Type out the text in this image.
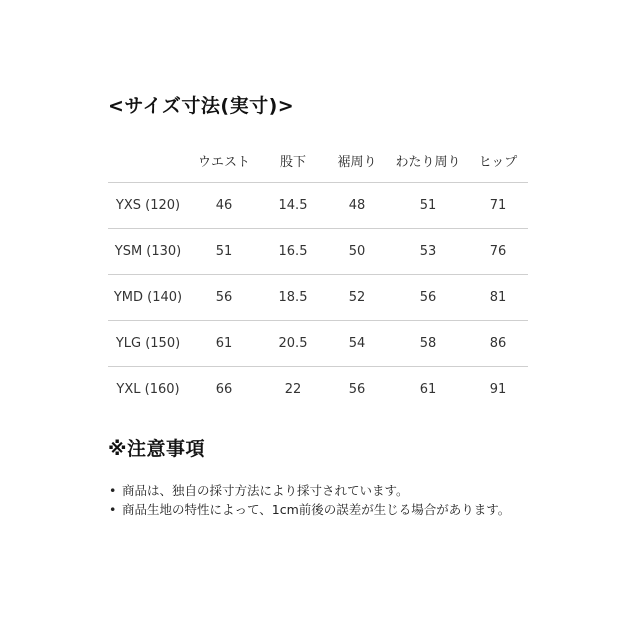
<サイズ寸法(実寸)>
	ウエスト	股下	裾周り	わたり周り	ヒップ
YXS (120)	46	14.5	48	51	71
YSM (130)	51	16.5	50	53	76
YMD (140)	56	18.5	52	56	81
YLG (150)	61	20.5	54	58	86
YXL (160)	66	22	56	61	91
※注意事項
• 商品は、独自の採寸方法により採寸されています。
• 商品生地の特性によって、1cm前後の誤差が生じる場合があります。
